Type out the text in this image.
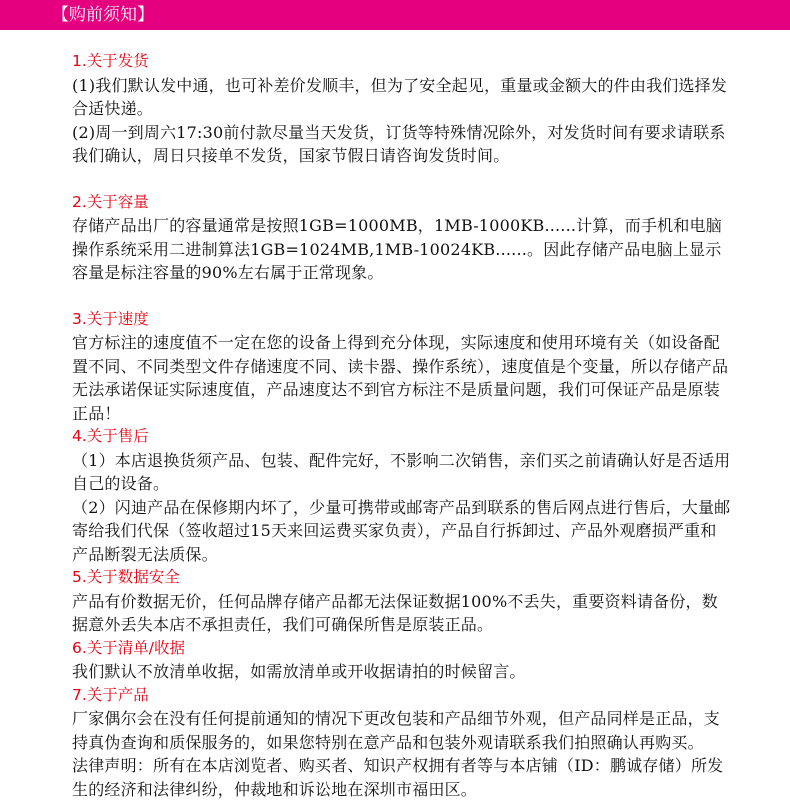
【购前须知】
1.关于发货
(1)我们默认发中通，也可补差价发顺丰，但为了安全起见，重量或金额大的件由我们选择发合适快递。
(2)周一到周六17:30前付款尽量当天发货，订货等特殊情况除外，对发货时间有要求请联系我们确认，周日只接单不发货，国家节假日请咨询发货时间。
2.关于容量
存储产品出厂的容量通常是按照1GB=1000MB，1MB-1000KB......计算，而手机和电脑操作系统采用二进制算法1GB=1024MB,1MB-10024KB......。因此存储产品电脑上显示容量是标注容量的90%左右属于正常现象。
3.关于速度
官方标注的速度值不一定在您的设备上得到充分体现，实际速度和使用环境有关（如设备配置不同、不同类型文件存储速度不同、读卡器、操作系统），速度值是个变量，所以存储产品无法承诺保证实际速度值，产品速度达不到官方标注不是质量问题，我们可保证产品是原装正品！
4.关于售后
（1）本店退换货须产品、包装、配件完好，不影响二次销售，亲们买之前请确认好是否适用自己的设备。
（2）闪迪产品在保修期内坏了，少量可携带或邮寄产品到联系的售后网点进行售后，大量邮寄给我们代保（签收超过15天来回运费买家负责），产品自行拆卸过、产品外观磨损严重和产品断裂无法质保。
5.关于数据安全
产品有价数据无价，任何品牌存储产品都无法保证数据100%不丢失，重要资料请备份，数据意外丢失本店不承担责任，我们可确保所售是原装正品。
6.关于清单/收据
我们默认不放清单收据，如需放清单或开收据请拍的时候留言。
7.关于产品
厂家偶尔会在没有任何提前通知的情况下更改包装和产品细节外观，但产品同样是正品，支持真伪查询和质保服务的，如果您特别在意产品和包装外观请联系我们拍照确认再购买。
法律声明：所有在本店浏览者、购买者、知识产权拥有者等与本店铺（ID：鹏诚存储）所发生的经济和法律纠纷，仲裁地和诉讼地在深圳市福田区。
